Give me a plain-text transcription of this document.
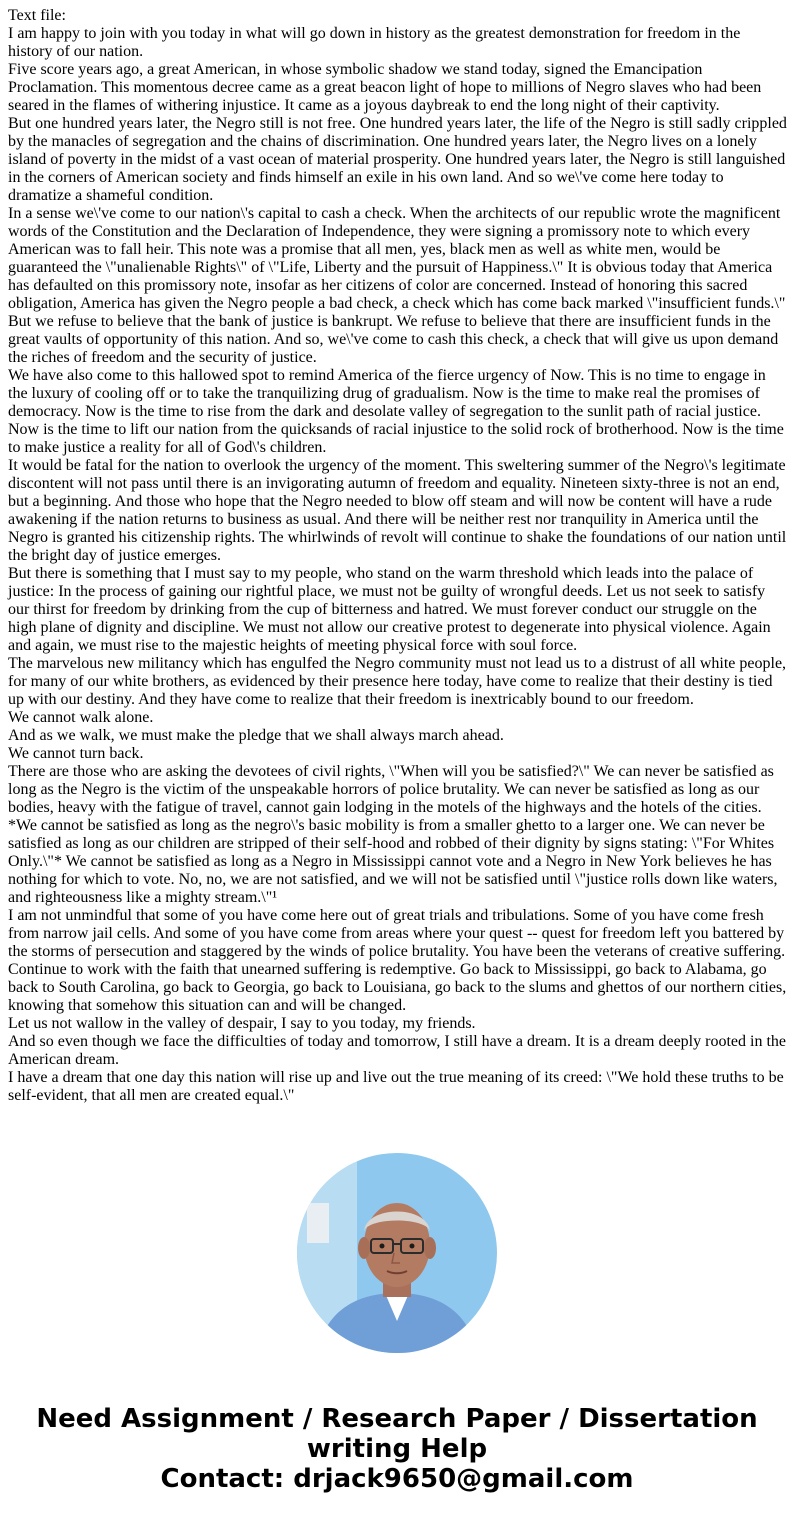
Text file:

I am happy to join with you today in what will go down in history as the greatest demonstration for freedom in the history of our nation.

Five score years ago, a great American, in whose symbolic shadow we stand today, signed the Emancipation Proclamation. This momentous decree came as a great beacon light of hope to millions of Negro slaves who had been seared in the flames of withering injustice. It came as a joyous daybreak to end the long night of their captivity.

But one hundred years later, the Negro still is not free. One hundred years later, the life of the Negro is still sadly crippled by the manacles of segregation and the chains of discrimination. One hundred years later, the Negro lives on a lonely island of poverty in the midst of a vast ocean of material prosperity. One hundred years later, the Negro is still languished in the corners of American society and finds himself an exile in his own land. And so we\'ve come here today to dramatize a shameful condition.

In a sense we\'ve come to our nation\'s capital to cash a check. When the architects of our republic wrote the magnificent words of the Constitution and the Declaration of Independence, they were signing a promissory note to which every American was to fall heir. This note was a promise that all men, yes, black men as well as white men, would be guaranteed the \"unalienable Rights\" of \"Life, Liberty and the pursuit of Happiness.\" It is obvious today that America has defaulted on this promissory note, insofar as her citizens of color are concerned. Instead of honoring this sacred obligation, America has given the Negro people a bad check, a check which has come back marked \"insufficient funds.\" But we refuse to believe that the bank of justice is bankrupt. We refuse to believe that there are insufficient funds in the great vaults of opportunity of this nation. And so, we\'ve come to cash this check, a check that will give us upon demand the riches of freedom and the security of justice.

We have also come to this hallowed spot to remind America of the fierce urgency of Now. This is no time to engage in the luxury of cooling off or to take the tranquilizing drug of gradualism. Now is the time to make real the promises of democracy. Now is the time to rise from the dark and desolate valley of segregation to the sunlit path of racial justice. Now is the time to lift our nation from the quicksands of racial injustice to the solid rock of brotherhood. Now is the time to make justice a reality for all of God\'s children.

It would be fatal for the nation to overlook the urgency of the moment. This sweltering summer of the Negro\'s legitimate discontent will not pass until there is an invigorating autumn of freedom and equality. Nineteen sixty-three is not an end, but a beginning. And those who hope that the Negro needed to blow off steam and will now be content will have a rude awakening if the nation returns to business as usual. And there will be neither rest nor tranquility in America until the Negro is granted his citizenship rights. The whirlwinds of revolt will continue to shake the foundations of our nation until the bright day of justice emerges.

But there is something that I must say to my people, who stand on the warm threshold which leads into the palace of justice: In the process of gaining our rightful place, we must not be guilty of wrongful deeds. Let us not seek to satisfy our thirst for freedom by drinking from the cup of bitterness and hatred. We must forever conduct our struggle on the high plane of dignity and discipline. We must not allow our creative protest to degenerate into physical violence. Again and again, we must rise to the majestic heights of meeting physical force with soul force.

The marvelous new militancy which has engulfed the Negro community must not lead us to a distrust of all white people, for many of our white brothers, as evidenced by their presence here today, have come to realize that their destiny is tied up with our destiny. And they have come to realize that their freedom is inextricably bound to our freedom.

We cannot walk alone.

And as we walk, we must make the pledge that we shall always march ahead.

We cannot turn back.

There are those who are asking the devotees of civil rights, \"When will you be satisfied?\" We can never be satisfied as long as the Negro is the victim of the unspeakable horrors of police brutality. We can never be satisfied as long as our bodies, heavy with the fatigue of travel, cannot gain lodging in the motels of the highways and the hotels of the cities. *We cannot be satisfied as long as the negro\'s basic mobility is from a smaller ghetto to a larger one. We can never be satisfied as long as our children are stripped of their self-hood and robbed of their dignity by signs stating: \"For Whites Only.\"* We cannot be satisfied as long as a Negro in Mississippi cannot vote and a Negro in New York believes he has nothing for which to vote. No, no, we are not satisfied, and we will not be satisfied until \"justice rolls down like waters, and righteousness like a mighty stream.\"¹

I am not unmindful that some of you have come here out of great trials and tribulations. Some of you have come fresh from narrow jail cells. And some of you have come from areas where your quest -- quest for freedom left you battered by the storms of persecution and staggered by the winds of police brutality. You have been the veterans of creative suffering. Continue to work with the faith that unearned suffering is redemptive. Go back to Mississippi, go back to Alabama, go back to South Carolina, go back to Georgia, go back to Louisiana, go back to the slums and ghettos of our northern cities, knowing that somehow this situation can and will be changed.

Let us not wallow in the valley of despair, I say to you today, my friends.

And so even though we face the difficulties of today and tomorrow, I still have a dream. It is a dream deeply rooted in the American dream.

I have a dream that one day this nation will rise up and live out the true meaning of its creed: \"We hold these truths to be self-evident, that all men are created equal.\"

Need Assignment / Research Paper / Dissertation

writing Help

Contact: drjack9650@gmail.com
